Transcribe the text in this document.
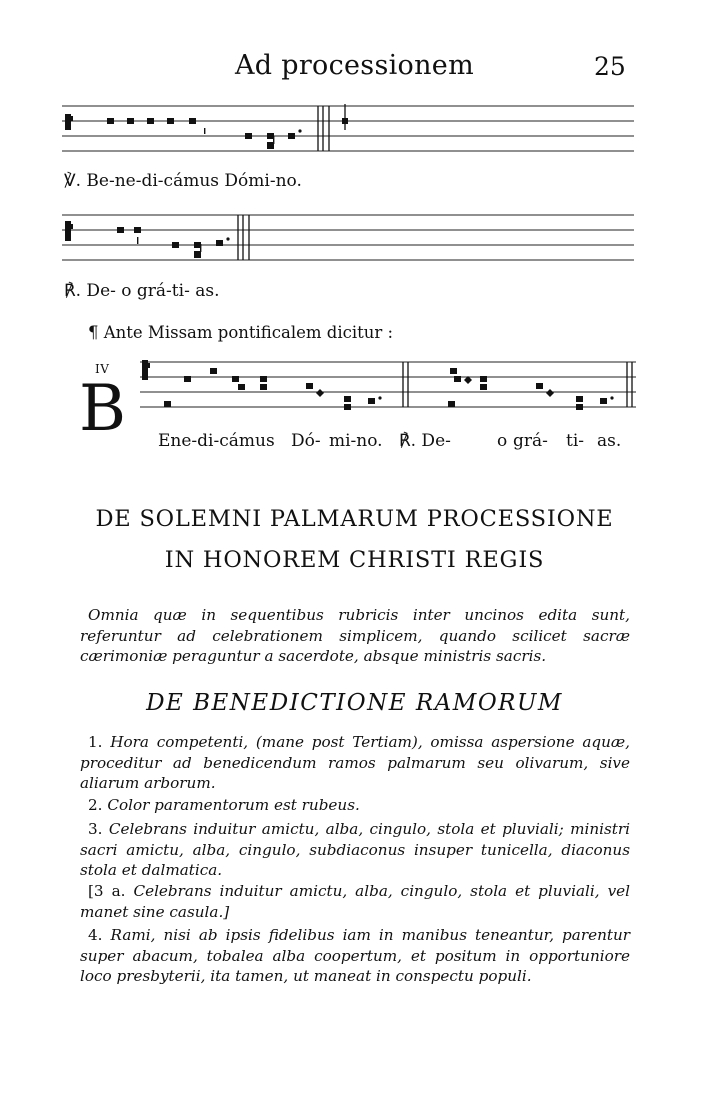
Ad processionem	25
℣. Be-ne-di-cámus Dómi-no.
℟. De- o grá-ti- as.
¶ Ante Missam pontificalem dicitur :
IV
B Ene-di-cámus Dó- mi-no. ℟. De-	o grá- ti- as.
DE SOLEMNI PALMARUM PROCESSIONE
IN HONOREM CHRISTI REGIS
Omnia quæ in sequentibus rubricis inter uncinos edita sunt, referuntur ad celebrationem simplicem, quando scilicet sacræ cærimoniæ peraguntur a sacerdote, absque ministris sacris.
DE BENEDICTIONE RAMORUM
1. Hora competenti, (mane post Tertiam), omissa aspersione aquæ, proceditur ad benedicendum ramos palmarum seu olivarum, sive aliarum arborum.
2. Color paramentorum est rubeus.
3. Celebrans induitur amictu, alba, cingulo, stola et pluviali; ministri sacri amictu, alba, cingulo, subdiaconus insuper tunicella, diaconus stola et dalmatica.
[3 a. Celebrans induitur amictu, alba, cingulo, stola et pluviali, vel manet sine casula.]
4. Rami, nisi ab ipsis fidelibus iam in manibus teneantur, parentur super abacum, tobalea alba coopertum, et positum in opportuniore loco presbyterii, ita tamen, ut maneat in conspectu populi.
